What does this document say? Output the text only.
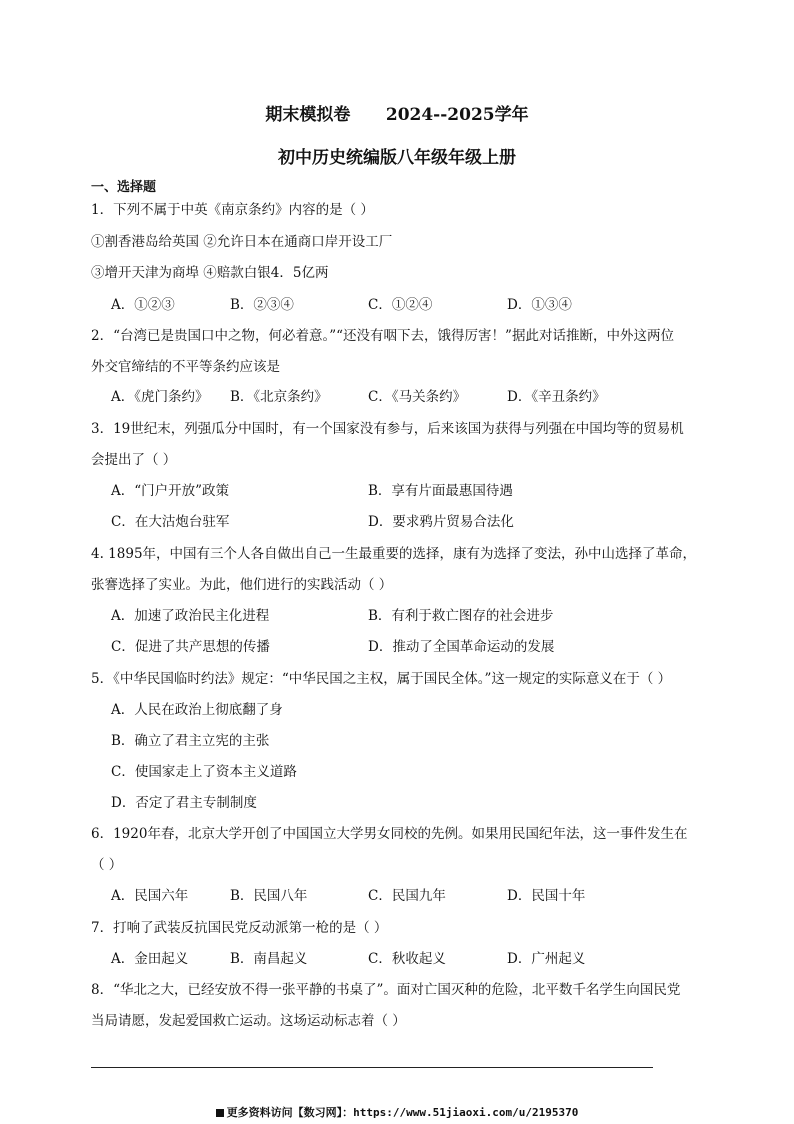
期末模拟卷      2024--2025学年
初中历史统编版八年级年级上册
一、选择题
1．下列不属于中英《南京条约》内容的是（ ）
①割香港岛给英国 ②允许日本在通商口岸开设工厂
③增开天津为商埠 ④赔款白银4．5亿两
A．①②③	B．②③④	C．①②④	D．①③④
2．“台湾已是贵国口中之物，何必着意。”“还没有咽下去，饿得厉害！”据此对话推断，中外这两位
外交官缔结的不平等条约应该是
A．《虎门条约》 B．《北京条约》	C．《马关条约》	D．《辛丑条约》
3．19世纪末，列强瓜分中国时，有一个国家没有参与，后来该国为获得与列强在中国均等的贸易机
会提出了（ ）
A．“门户开放”政策	B．享有片面最惠国待遇
C．在大沽炮台驻军	D．要求鸦片贸易合法化
4. 1895年，中国有三个人各自做出自己一生最重要的选择，康有为选择了变法，孙中山选择了革命，
张謇选择了实业。为此，他们进行的实践活动（ ）
A．加速了政治民主化进程	B．有利于救亡图存的社会进步
C．促进了共产思想的传播	D．推动了全国革命运动的发展
5．《中华民国临时约法》规定：“中华民国之主权，属于国民全体。”这一规定的实际意义在于（ ）
A．人民在政治上彻底翻了身
B．确立了君主立宪的主张
C．使国家走上了资本主义道路
D．否定了君主专制制度
6．1920年春，北京大学开创了中国国立大学男女同校的先例。如果用民国纪年法，这一事件发生在
（ ）
A．民国六年	B．民国八年	C．民国九年	D．民国十年
7．打响了武装反抗国民党反动派第一枪的是（ ）
A．金田起义	B．南昌起义	C．秋收起义	D．广州起义
8．“华北之大，已经安放不得一张平静的书桌了”。面对亡国灭种的危险，北平数千名学生向国民党
当局请愿，发起爱国救亡运动。这场运动标志着（ ）
更多资料访问【数习网】：https://www.51jiaoxi.com/u/2195370
